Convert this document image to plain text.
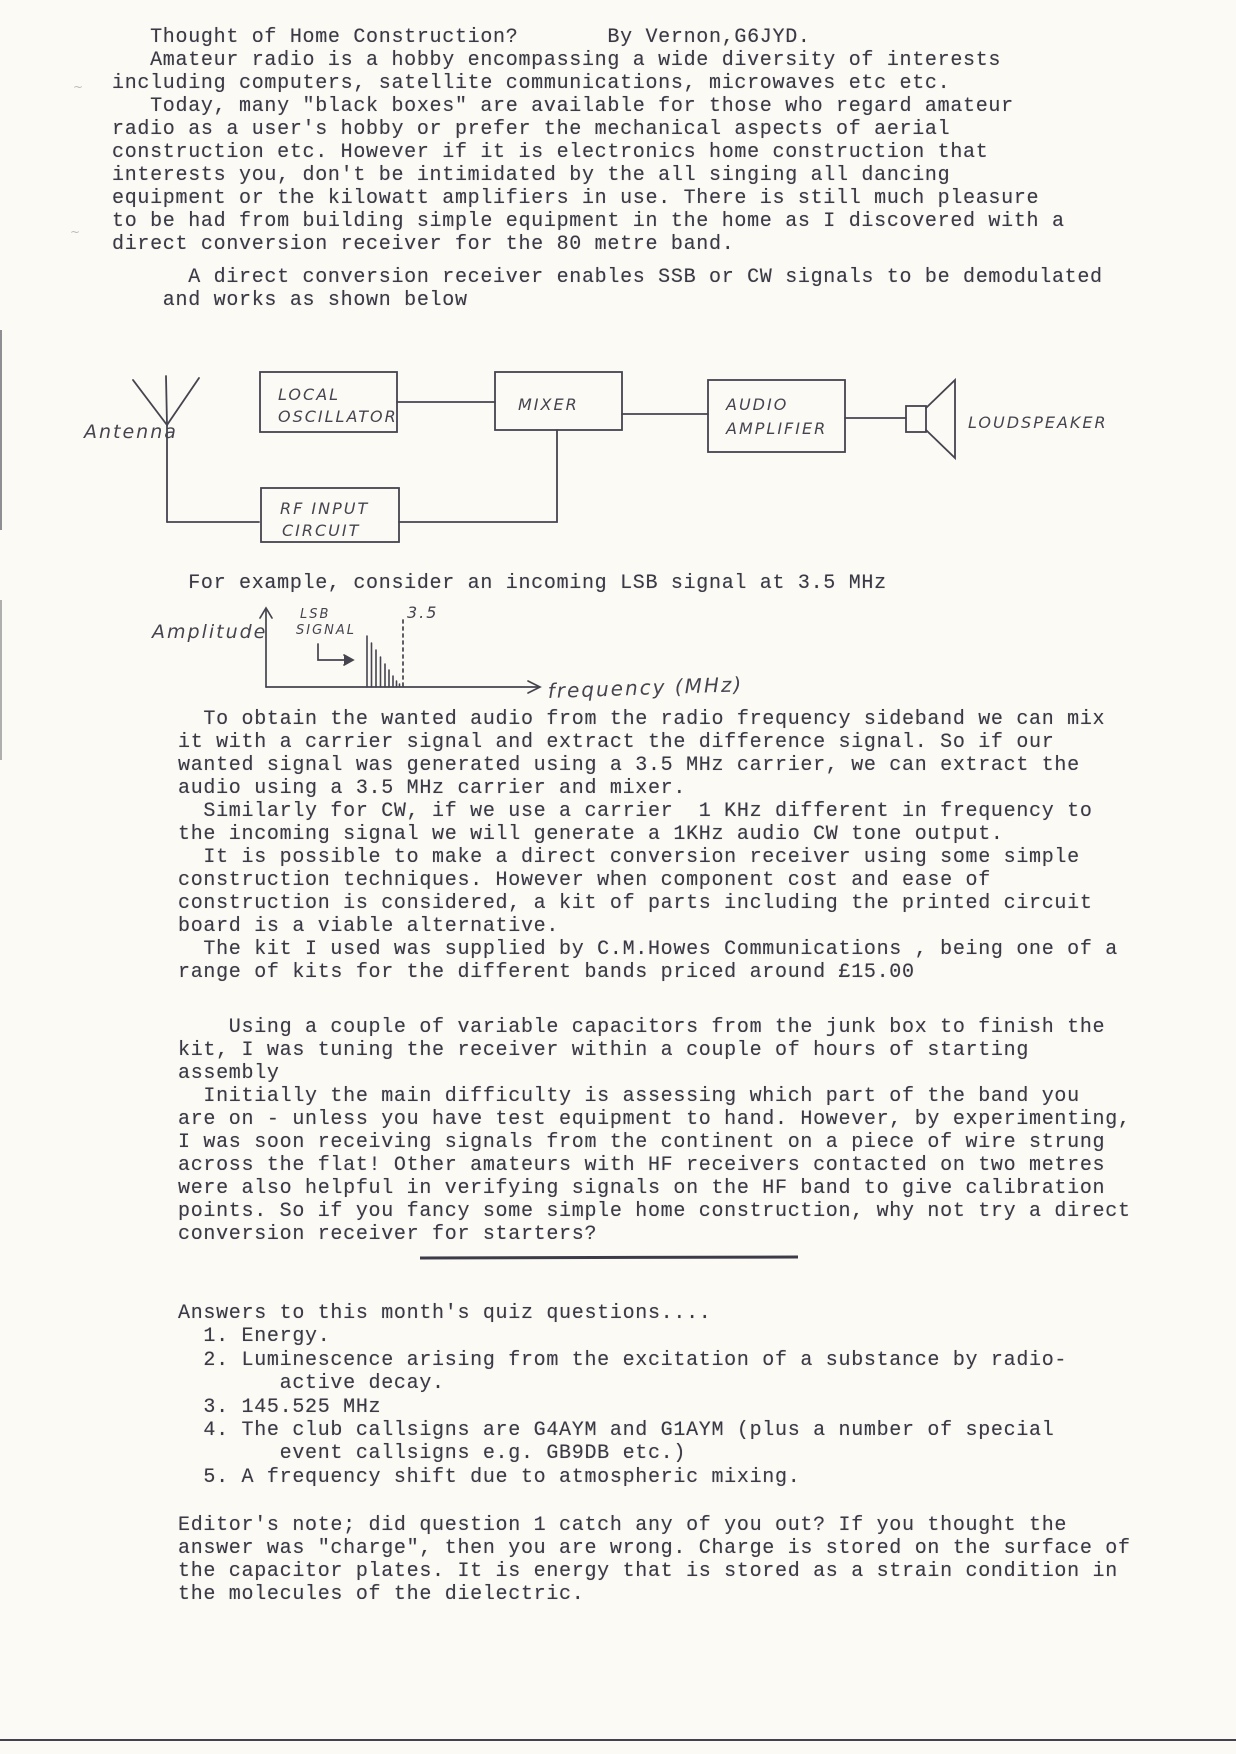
Thought of Home Construction?       By Vernon,G6JYD.
Amateur radio is a hobby encompassing a wide diversity of interests
including computers, satellite communications, microwaves etc etc.
Today, many "black boxes" are available for those who regard amateur
radio as a user's hobby or prefer the mechanical aspects of aerial
construction etc. However if it is electronics home construction that
interests you, don't be intimidated by the all singing all dancing
equipment or the kilowatt amplifiers in use. There is still much pleasure
to be had from building simple equipment in the home as I discovered with a
direct conversion receiver for the 80 metre band.
A direct conversion receiver enables SSB or CW signals to be demodulated
and works as shown below
Antenna
LOCAL
OSCILLATOR
MIXER	AUDIO
AMPLIFIER	LOUDSPEAKER
RF INPUT
CIRCUIT
For example, consider an incoming LSB signal at 3.5 MHz
Amplitude
LSB
SIGNAL
3.5
frequency (MHz)
To obtain the wanted audio from the radio frequency sideband we can mix
it with a carrier signal and extract the difference signal. So if our
wanted signal was generated using a 3.5 MHz carrier, we can extract the
audio using a 3.5 MHz carrier and mixer.
Similarly for CW, if we use a carrier  1 KHz different in frequency to
the incoming signal we will generate a 1KHz audio CW tone output.
It is possible to make a direct conversion receiver using some simple
construction techniques. However when component cost and ease of
construction is considered, a kit of parts including the printed circuit
board is a viable alternative.
The kit I used was supplied by C.M.Howes Communications , being one of a
range of kits for the different bands priced around £15.00
Using a couple of variable capacitors from the junk box to finish the
kit, I was tuning the receiver within a couple of hours of starting
assembly
Initially the main difficulty is assessing which part of the band you
are on - unless you have test equipment to hand. However, by experimenting,
I was soon receiving signals from the continent on a piece of wire strung
across the flat! Other amateurs with HF receivers contacted on two metres
were also helpful in verifying signals on the HF band to give calibration
points. So if you fancy some simple home construction, why not try a direct
conversion receiver for starters?
Answers to this month's quiz questions....
1. Energy.
2. Luminescence arising from the excitation of a substance by radio-
active decay.
3. 145.525 MHz
4. The club callsigns are G4AYM and G1AYM (plus a number of special
event callsigns e.g. GB9DB etc.)
5. A frequency shift due to atmospheric mixing.
Editor's note; did question 1 catch any of you out? If you thought the
answer was "charge", then you are wrong. Charge is stored on the surface of
the capacitor plates. It is energy that is stored as a strain condition in
the molecules of the dielectric.
~
~
